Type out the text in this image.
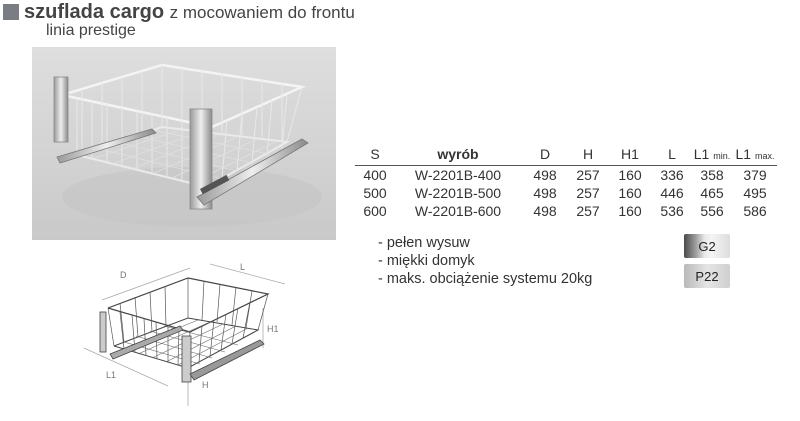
szuflada cargo z mocowaniem do frontu
linia prestige
S	wyrób	D	H	H1	L	L1 min.	L1 max.
400	W-2201B-400	498	257	160	336	358	379
500	W-2201B-500	498	257	160	446	465	495
600	W-2201B-600	498	257	160	536	556	586
- pełen wysuw
- miękki domyk
- maks. obciążenie systemu 20kg
G2
P22
D
L
H1
L1
H
